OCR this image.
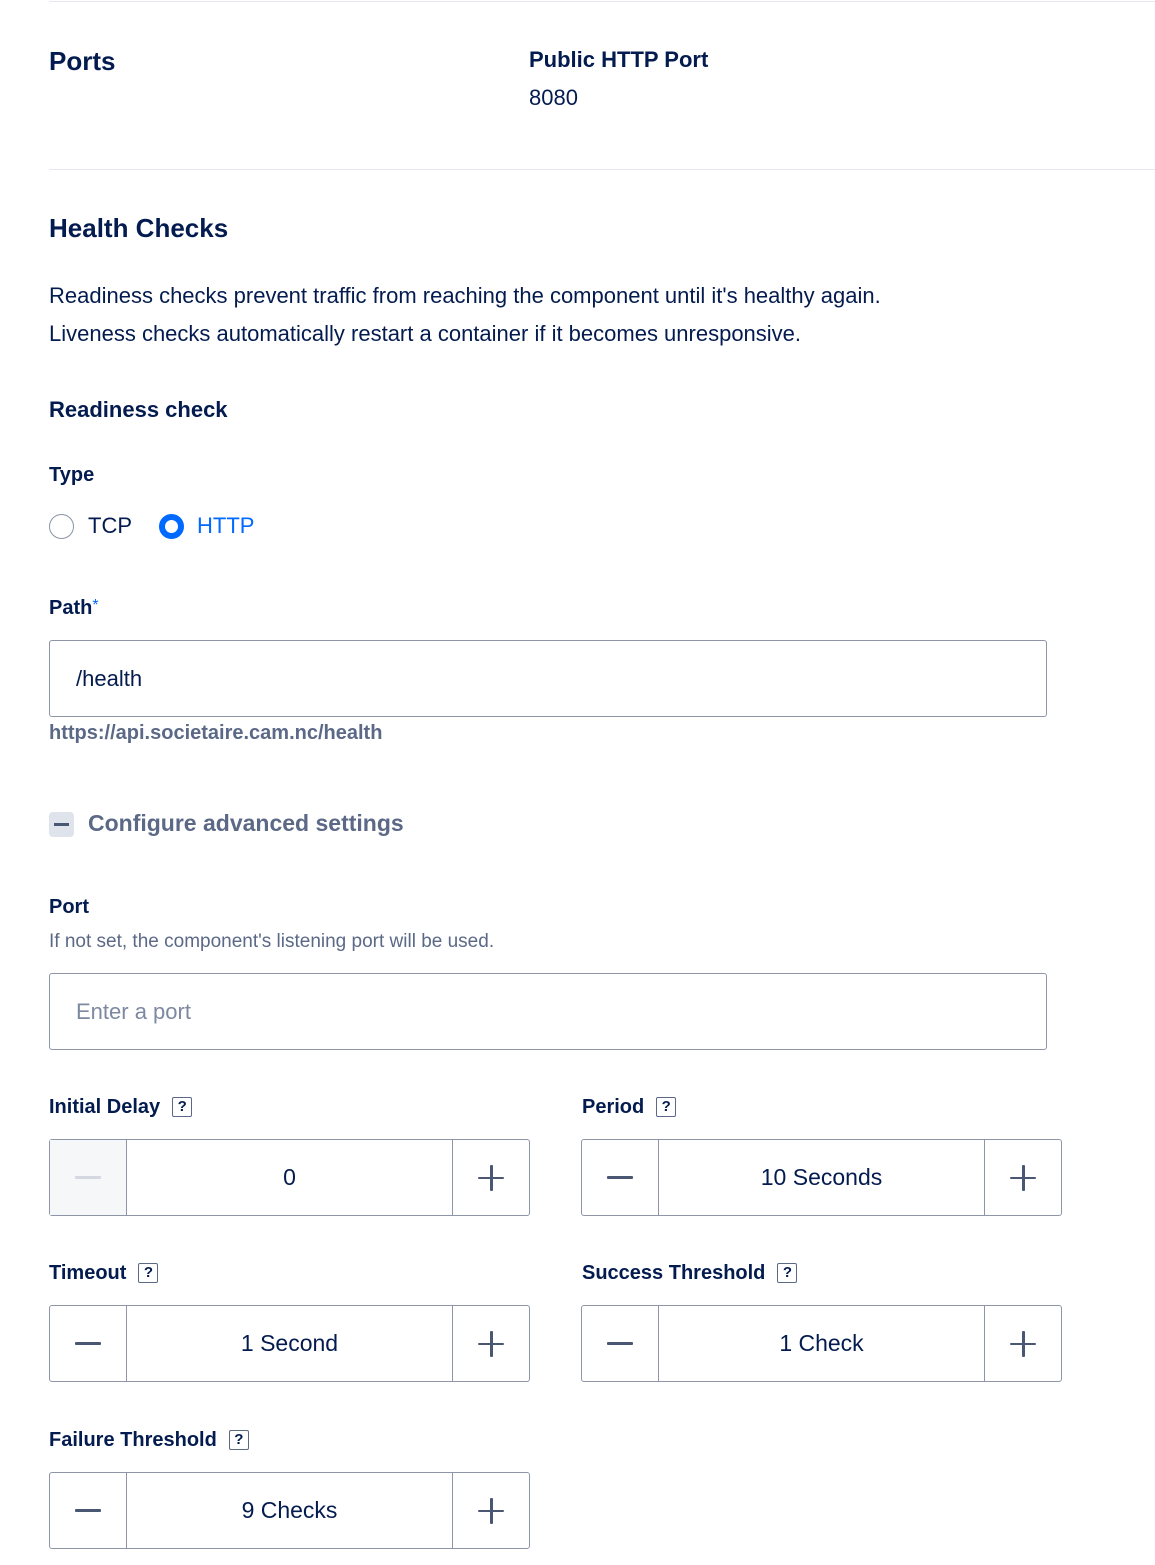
Ports	Public HTTP Port
8080
Health Checks
Readiness checks prevent traffic from reaching the component until it's healthy again.
Liveness checks automatically restart a container if it becomes unresponsive.
Readiness check
Type
TCP	HTTP
Path*
/health
https://api.societaire.cam.nc/health
Configure advanced settings
Port
If not set, the component's listening port will be used.
Enter a port
Initial Delay ?
0
Period ?
10 Seconds
Timeout ?
1 Second
Success Threshold ?
1 Check
Failure Threshold ?
9 Checks
